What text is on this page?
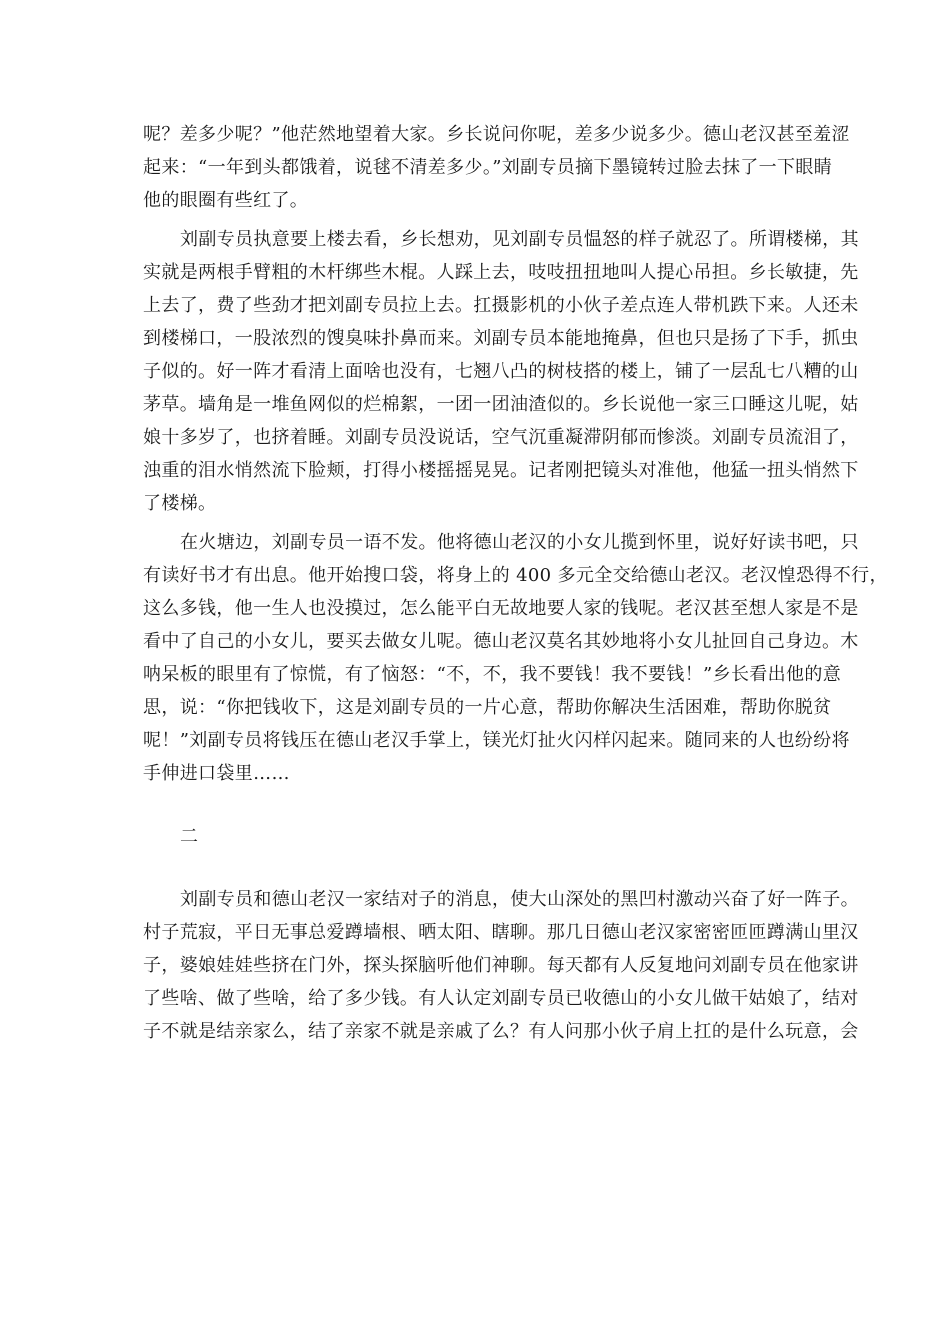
呢？差多少呢？”他茫然地望着大家。乡长说问你呢，差多少说多少。德山老汉甚至羞涩
起来：“一年到头都饿着，说毬不清差多少。”刘副专员摘下墨镜转过脸去抹了一下眼睛
他的眼圈有些红了。
刘副专员执意要上楼去看，乡长想劝，见刘副专员愠怒的样子就忍了。所谓楼梯，其
实就是两根手臂粗的木杆绑些木棍。人踩上去，吱吱扭扭地叫人提心吊担。乡长敏捷，先
上去了，费了些劲才把刘副专员拉上去。扛摄影机的小伙子差点连人带机跌下来。人还未
到楼梯口，一股浓烈的馊臭味扑鼻而来。刘副专员本能地掩鼻，但也只是扬了下手，抓虫
子似的。好一阵才看清上面啥也没有，七翘八凸的树枝搭的楼上，铺了一层乱七八糟的山
茅草。墙角是一堆鱼网似的烂棉絮，一团一团油渣似的。乡长说他一家三口睡这儿呢，姑
娘十多岁了，也挤着睡。刘副专员没说话，空气沉重凝滞阴郁而惨淡。刘副专员流泪了，
浊重的泪水悄然流下脸颊，打得小楼摇摇晃晃。记者刚把镜头对准他，他猛一扭头悄然下
了楼梯。
在火塘边，刘副专员一语不发。他将德山老汉的小女儿揽到怀里，说好好读书吧，只
有读好书才有出息。他开始搜口袋，将身上的 400 多元全交给德山老汉。老汉惶恐得不行，
这么多钱，他一生人也没摸过，怎么能平白无故地要人家的钱呢。老汉甚至想人家是不是
看中了自己的小女儿，要买去做女儿呢。德山老汉莫名其妙地将小女儿扯回自己身边。木
呐呆板的眼里有了惊慌，有了恼怒：“不，不，我不要钱！我不要钱！”乡长看出他的意
思，说：“你把钱收下，这是刘副专员的一片心意，帮助你解决生活困难，帮助你脱贫
呢！”刘副专员将钱压在德山老汉手掌上，镁光灯扯火闪样闪起来。随同来的人也纷纷将
手伸进口袋里……
二
刘副专员和德山老汉一家结对子的消息，使大山深处的黑凹村激动兴奋了好一阵子。
村子荒寂，平日无事总爱蹲墙根、晒太阳、瞎聊。那几日德山老汉家密密匝匝蹲满山里汉
子，婆娘娃娃些挤在门外，探头探脑听他们神聊。每天都有人反复地问刘副专员在他家讲
了些啥、做了些啥，给了多少钱。有人认定刘副专员已收德山的小女儿做干姑娘了，结对
子不就是结亲家么，结了亲家不就是亲戚了么？有人问那小伙子肩上扛的是什么玩意，会
